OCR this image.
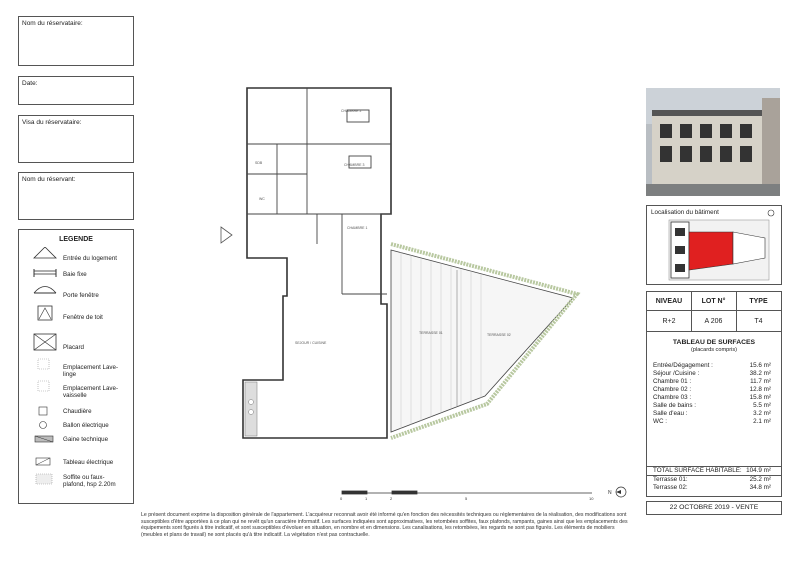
Nom du réservataire:
Date:
Visa du réservataire:
Nom du réservant:
LEGENDE
Entrée du logement
Baie fixe
Porte fenêtre
Fenêtre de toit
Placard
Emplacement Lave-linge
Emplacement Lave-vaisselle
Chaudière
Ballon électrique
Gaine technique
Tableau électrique
Soffite ou faux-plafond, hsp 2.20m
CHAMBRE 2
CHAMBRE 3
CHAMBRE 1
SEJOUR / CUISINE
SDB
WC
TERRASSE 01	TERRASSE 02
0	1	2	5	10
N
Localisation du bâtiment
NIVEAU	LOT N°	TYPE
R+2	A 206	T4
TABLEAU DE SURFACES
(placards compris)
Entrée/Dégagement :	15.6 m²
Séjour /Cuisine :	38.2 m²
Chambre 01 :	11.7 m²
Chambre 02 :	12.8 m²
Chambre 03 :	15.8 m²
Salle de bains :	5.5 m²
Salle d'eau :	3.2 m²
WC :	2.1 m²
TOTAL SURFACE HABITABLE: 104.9 m²
Terrasse 01:	25.2 m²
Terrasse 02:	34.8 m²
22 OCTOBRE 2019 - VENTE
Le présent document exprime la disposition générale de l'appartement. L'acquéreur reconnait avoir été informé qu'en fonction des nécessités techniques ou réglementaires de la réalisation, des modifications sont susceptibles d'être apportées à ce plan qui ne revêt qu'un caractère informatif. Les surfaces indiquées sont approximatives, les retombées soffites, faux plafonds, rampants, gaines ainsi que les emplacements des équipements sont figurés à titre indicatif, et sont susceptibles d'évoluer en situation, en nombre et en dimensions. Les canalisations, les retombées, les regards ne sont pas figurés. Les éléments de mobiliers (meubles et plans de travail) ne sont placés qu'à titre indicatif. La végétation n'est pas contractuelle.
